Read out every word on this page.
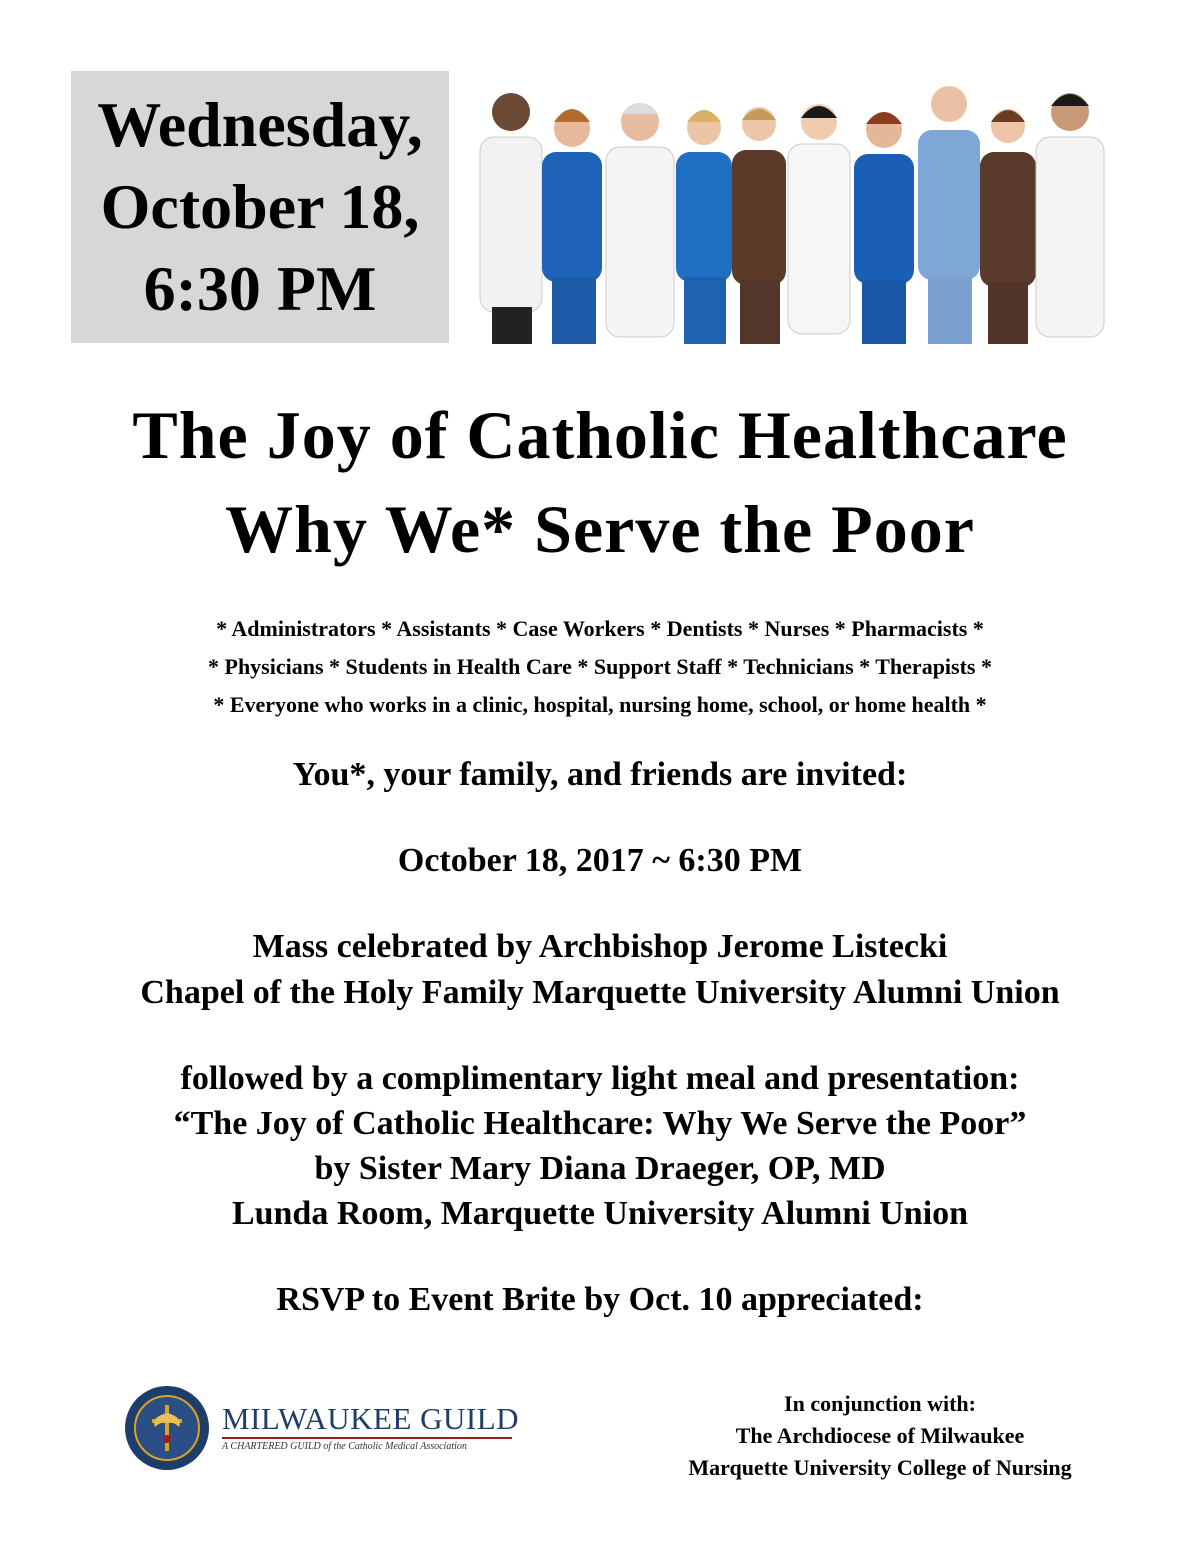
Wednesday,
October 18,
6:30 PM
The Joy of Catholic Healthcare
Why We* Serve the Poor
* Administrators * Assistants * Case Workers * Dentists * Nurses * Pharmacists *
* Physicians * Students in Health Care * Support Staff * Technicians * Therapists *
* Everyone who works in a clinic, hospital, nursing home, school, or home health *
You*, your family, and friends are invited:
October 18, 2017 ~ 6:30 PM
Mass celebrated by Archbishop Jerome Listecki
Chapel of the Holy Family Marquette University Alumni Union
followed by a complimentary light meal and presentation:
“The Joy of Catholic Healthcare: Why We Serve the Poor”
by Sister Mary Diana Draeger, OP, MD
Lunda Room, Marquette University Alumni Union
RSVP to Event Brite by Oct. 10 appreciated:
MILWAUKEE GUILD
A CHARTERED GUILD of the Catholic Medical Association
In conjunction with:
The Archdiocese of Milwaukee
Marquette University College of Nursing
